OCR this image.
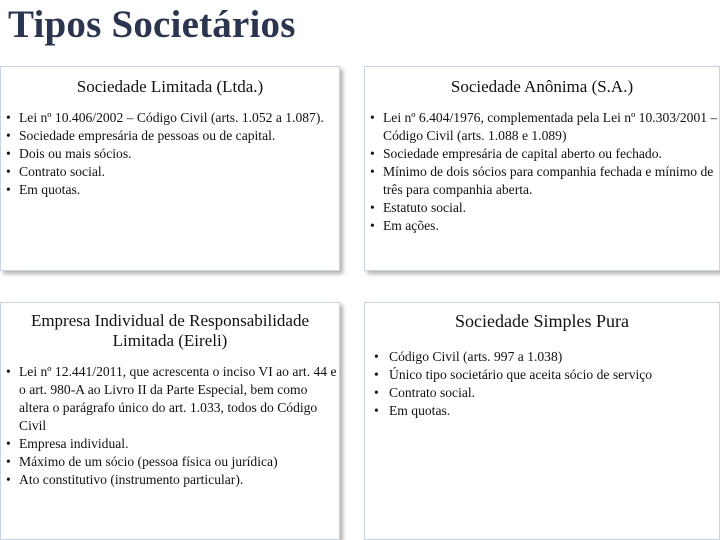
Tipos Societários
Sociedade Limitada (Ltda.)
• Lei nº 10.406/2002 – Código Civil (arts. 1.052 a 1.087).
• Sociedade empresária de pessoas ou de capital.
• Dois ou mais sócios.
• Contrato social.
• Em quotas.
Sociedade Anônima (S.A.)
• Lei nº 6.404/1976, complementada pela Lei nº 10.303/2001 – Código Civil (arts. 1.088 e 1.089)
• Sociedade empresária de capital aberto ou fechado.
• Mínimo de dois sócios para companhia fechada e mínimo de três para companhia aberta.
• Estatuto social.
• Em ações.
Empresa Individual de Responsabilidade Limitada (Eireli)
• Lei nº 12.441/2011, que acrescenta o inciso VI ao art. 44 e o art. 980-A ao Livro II da Parte Especial, bem como altera o parágrafo único do art. 1.033, todos do Código Civil
• Empresa individual.
• Máximo de um sócio (pessoa física ou jurídica)
• Ato constitutivo (instrumento particular).
Sociedade Simples Pura
• Código Civil (arts. 997 a 1.038)
• Único tipo societário que aceita sócio de serviço
• Contrato social.
• Em quotas.
